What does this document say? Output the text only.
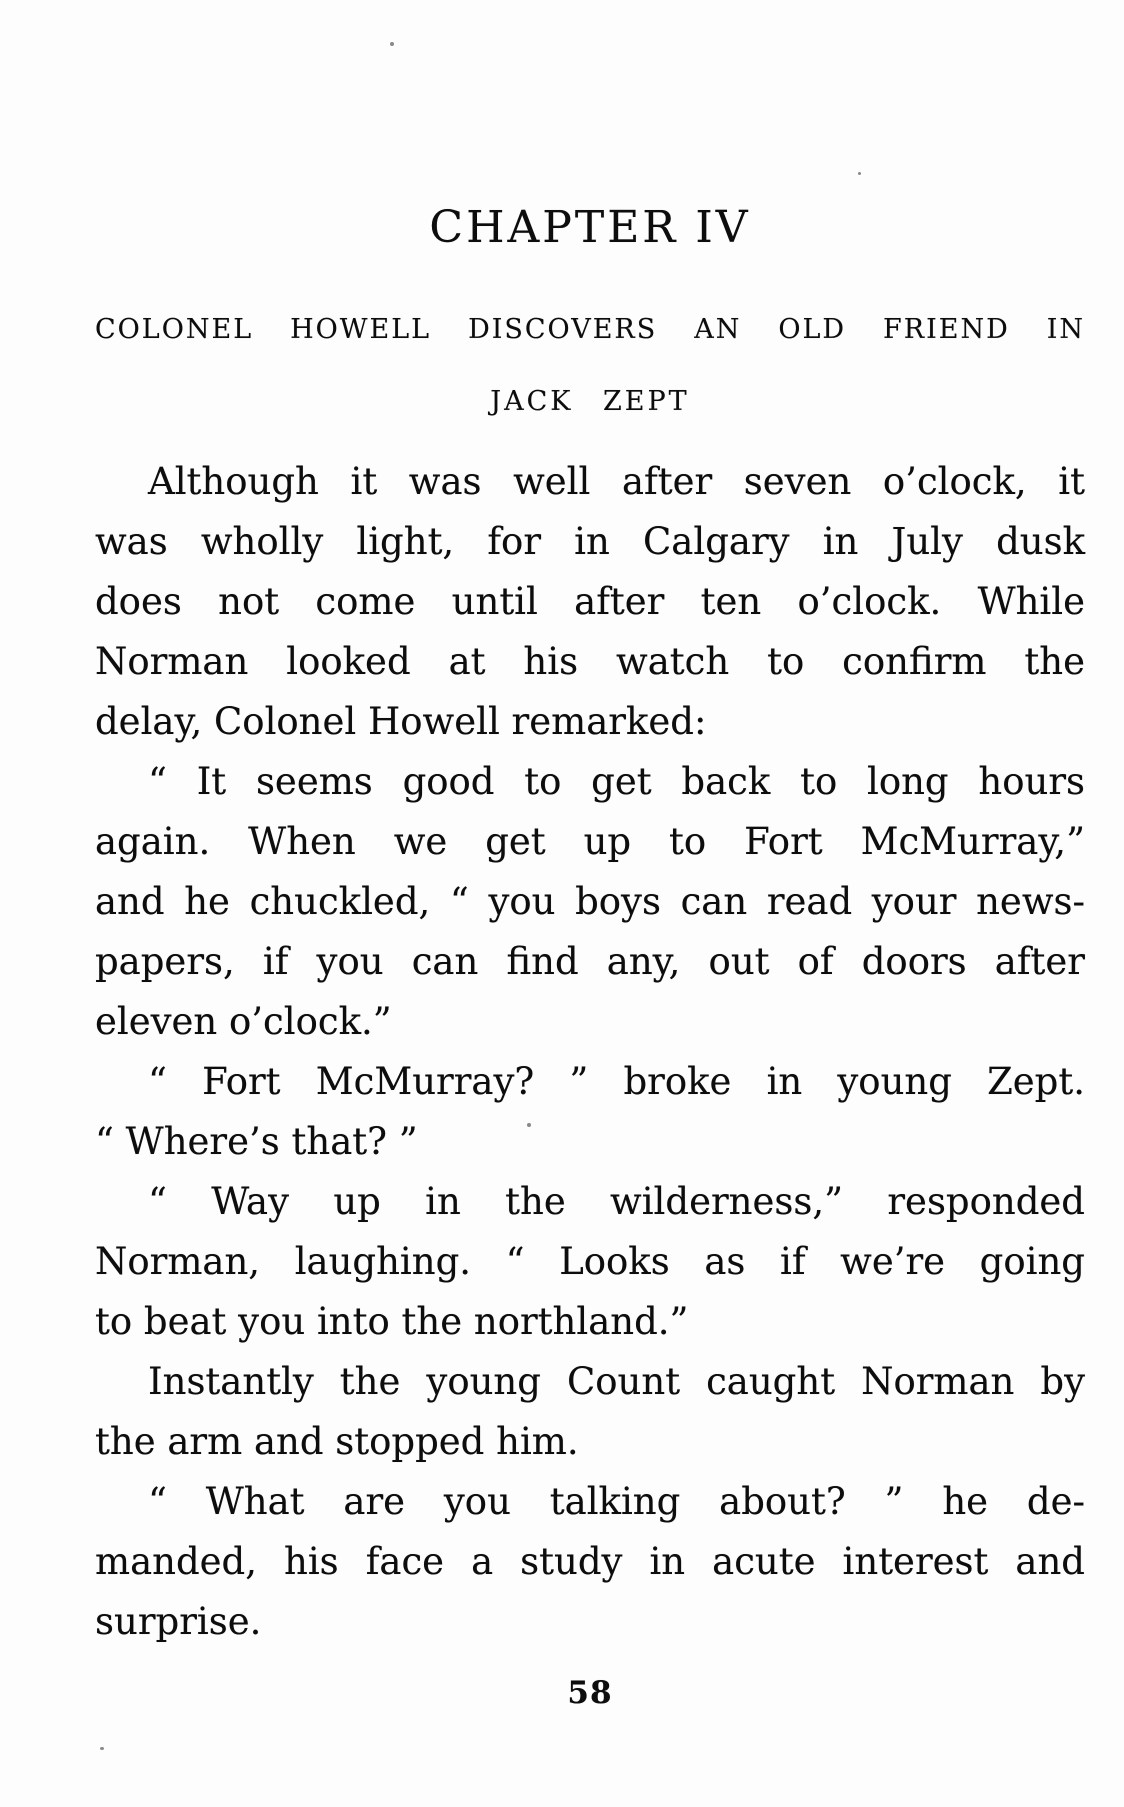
CHAPTER IV
COLONEL HOWELL DISCOVERS AN OLD FRIEND IN
JACK ZEPT
Although it was well after seven o’clock, it
was wholly light, for in Calgary in July dusk
does not come until after ten o’clock. While
Norman looked at his watch to confirm the
delay, Colonel Howell remarked:
“ It seems good to get back to long hours
again. When we get up to Fort McMurray,”
and he chuckled, “ you boys can read your news-
papers, if you can find any, out of doors after
eleven o’clock.”
“ Fort McMurray? ” broke in young Zept.
“ Where’s that? ”
“ Way up in the wilderness,” responded
Norman, laughing. “ Looks as if we’re going
to beat you into the northland.”
Instantly the young Count caught Norman by
the arm and stopped him.
“ What are you talking about? ” he de-
manded, his face a study in acute interest and
surprise.
58
